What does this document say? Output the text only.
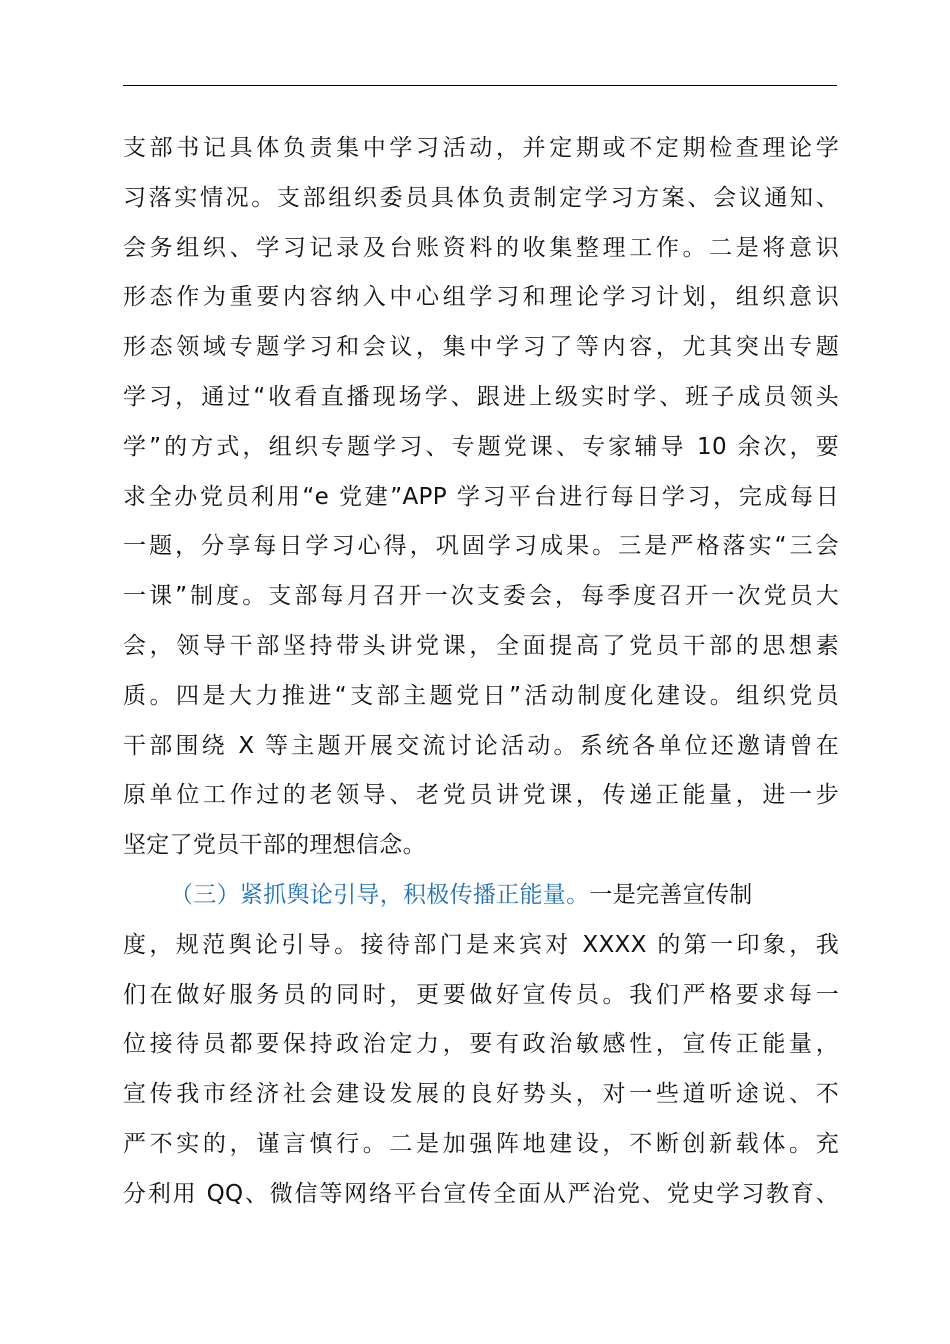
支部书记具体负责集中学习活动，并定期或不定期检查理论学
习落实情况。支部组织委员具体负责制定学习方案、会议通知、
会务组织、学习记录及台账资料的收集整理工作。二是将意识
形态作为重要内容纳入中心组学习和理论学习计划，组织意识
形态领域专题学习和会议，集中学习了等内容，尤其突出专题
学习，通过“收看直播现场学、跟进上级实时学、班子成员领头
学”的方式，组织专题学习、专题党课、专家辅导 10 余次，要
求全办党员利用“e 党建”APP 学习平台进行每日学习，完成每日
一题，分享每日学习心得，巩固学习成果。三是严格落实“三会
一课”制度。支部每月召开一次支委会，每季度召开一次党员大
会，领导干部坚持带头讲党课，全面提高了党员干部的思想素
质。四是大力推进“支部主题党日”活动制度化建设。组织党员
干部围绕 X 等主题开展交流讨论活动。系统各单位还邀请曾在
原单位工作过的老领导、老党员讲党课，传递正能量，进一步
坚定了党员干部的理想信念。
（三）紧抓舆论引导，积极传播正能量。一是完善宣传制
度，规范舆论引导。接待部门是来宾对 XXXX 的第一印象，我
们在做好服务员的同时，更要做好宣传员。我们严格要求每一
位接待员都要保持政治定力，要有政治敏感性，宣传正能量，
宣传我市经济社会建设发展的良好势头，对一些道听途说、不
严不实的，谨言慎行。二是加强阵地建设，不断创新载体。充
分利用 QQ、微信等网络平台宣传全面从严治党、党史学习教育、
